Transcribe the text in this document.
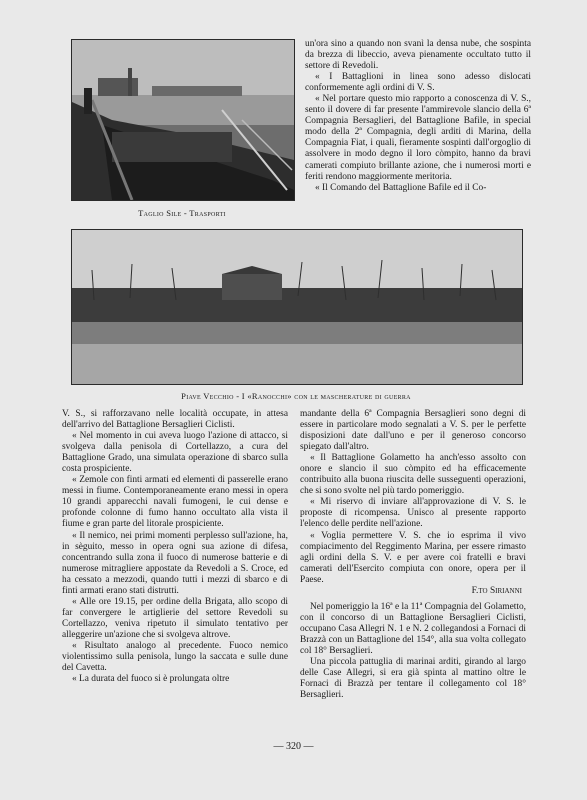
Taglio Sile - Trasporti

un'ora sino a quando non svanì la densa nube, che sospinta da brezza di libeccio, aveva pienamente occultato tutto il settore di Revedoli.

« I Battaglioni in linea sono adesso dislocati conformemente agli ordini di V. S.

« Nel portare questo mio rapporto a conoscenza di V. S., sento il dovere di far presente l'ammirevole slancio della 6ª Compagnia Bersaglieri, del Battaglione Bafile, in special modo della 2ª Compagnia, degli arditi di Marina, della Compagnia Fiat, i quali, fieramente sospinti dall'orgoglio di assolvere in modo degno il loro còmpito, hanno da bravi camerati compiuto brillante azione, che i numerosi morti e feriti rendono maggiormente meritoria.

« Il Comando del Battaglione Bafile ed il Co-

Piave Vecchio - I «Ranocchi» con le mascherature di guerra

V. S., si rafforzavano nelle località occupate, in attesa dell'arrivo del Battaglione Bersaglieri Ciclisti.

« Nel momento in cui aveva luogo l'azione di attacco, si svolgeva dalla penisola di Cortellazzo, a cura del Battaglione Grado, una simulata operazione di sbarco sulla costa prospiciente.

« Zemole con finti armati ed elementi di passerelle erano messi in fiume. Contemporaneamente erano messi in opera 10 grandi apparecchi navali fumogeni, le cui dense e profonde colonne di fumo hanno occultato alla vista il fiume e gran parte del litorale prospiciente.

« Il nemico, nei primi momenti perplesso sull'azione, ha, in sèguito, messo in opera ogni sua azione di difesa, concentrando sulla zona il fuoco di numerose batterie e di numerose mitragliere appostate da Revedoli a S. Croce, ed ha cessato a mezzodi, quando tutti i mezzi di sbarco e di finti armati erano stati distrutti.

« Alle ore 19.15, per ordine della Brigata, allo scopo di far convergere le artiglierie del settore Revedoli su Cortellazzo, veniva ripetuto il simulato tentativo per alleggerire un'azione che si svolgeva altrove.

« Risultato analogo al precedente. Fuoco nemico violentissimo sulla penisola, lungo la saccata e sulle dune del Cavetta.

« La durata del fuoco si è prolungata oltre

mandante della 6ª Compagnia Bersaglieri sono degni di essere in particolare modo segnalati a V. S. per le perfette disposizioni date dall'uno e per il generoso concorso spiegato dall'altro.

« Il Battaglione Golametto ha anch'esso assolto con onore e slancio il suo còmpito ed ha efficacemente contribuito alla buona riuscita delle susseguenti operazioni, che si sono svolte nel più tardo pomeriggio.

« Mi riservo di inviare all'approvazione di V. S. le proposte di ricompensa. Unisco al presente rapporto l'elenco delle perdite nell'azione.

« Voglia permettere V. S. che io esprima il vivo compiacimento del Reggimento Marina, per essere rimasto agli ordini della S. V. e per avere coi fratelli e bravi camerati dell'Esercito compiuta con onore, opera per il Paese.

F.to Sirianni

Nel pomeriggio la 16ª e la 11ª Compagnia del Golametto, con il concorso di un Battaglione Bersaglieri Ciclisti, occupano Casa Allegri N. 1 e N. 2 collegandosi a Fornaci di Brazzà con un Battaglione del 154°, alla sua volta collegato col 18° Bersaglieri.

Una piccola pattuglia di marinai arditi, girando al largo delle Case Allegri, si era già spinta al mattino oltre le Fornaci di Brazzà per tentare il collegamento col 18° Bersaglieri.

— 320 —
